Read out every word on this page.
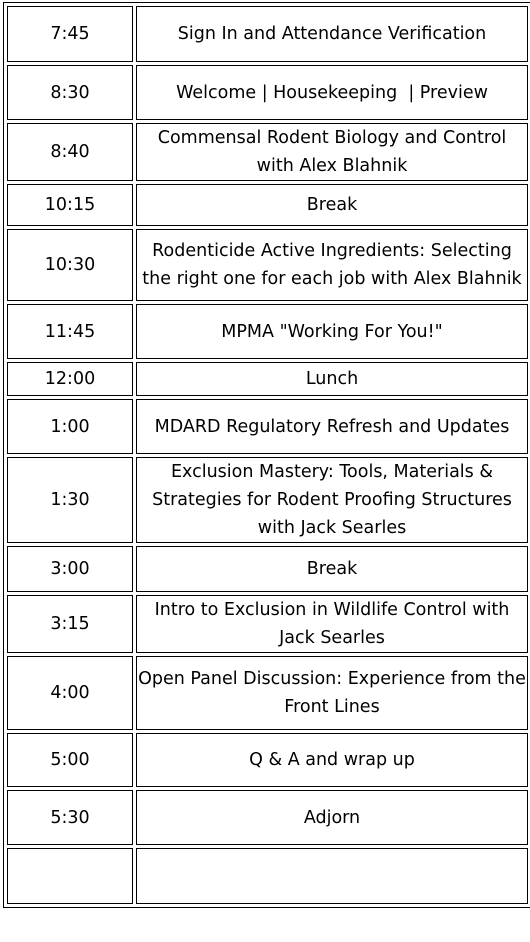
7:45	Sign In and Attendance Verification	
8:30	Welcome | Housekeeping  | Preview	
8:40	Commensal Rodent Biology and Control with Alex Blahnik	
10:15	Break	
10:30	Rodenticide Active Ingredients: Selecting the right one for each job with Alex Blahnik	
11:45	MPMA "Working For You!"	
12:00	Lunch	
1:00	MDARD Regulatory Refresh and Updates	
1:30	Exclusion Mastery: Tools, Materials & Strategies for Rodent Proofing Structures with Jack Searles	
3:00	Break	
3:15	Intro to Exclusion in Wildlife Control with Jack Searles	
4:00	Open Panel Discussion: Experience from the Front Lines	
5:00	Q & A and wrap up	
5:30	Adjorn	
